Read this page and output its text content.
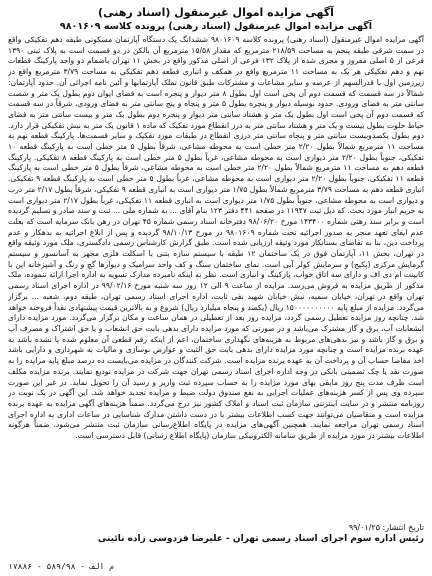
آگهی مزایده اموال غیرمنقول (اسناد رهنی)
آگهی مزایده اموال غیرمنقول (اسناد رهنی) پرونده کلاسه ۹۸۰۱۶۰۹

آگهی مزایده اموال غیرمنقول (اسناد رهنی) پرونده کلاسه ۹۸۰۱۶۰۹ ششدانگ یک دستگاه آپارتمان مسکونی طبقه دهم تفکیکی واقع در سمت شرقی طبقه پنجم به مساحت ۲۱۸/۵۹ مترمربع که مقدار ۱۵/۵۸ مترمربع آن بالکن در دو قسمت است به پلاک ثبتی ۱۳۹۰ فرعی از ۵ اصلی مفروز و مجزی شده از پلاک ۱۳۲ فرعی از اصلی مذکور واقع در بخش ۱۱ تهران باضمام دو واحد پارکینگ قطعات تهم و دهم تفکیکی هر یک به مساحت ۱۱ مترمربع واقع در همکف و انباری قطعه دهم تفکیکی به مساحت ۳/۷۹ مترمربع واقع در زیرزمین اول با قدرالسهم از عرصه و سایر مشاعات و مشترکات طبق قانون تملک آپارتمانها و آئین نامه اجرائی آن. حدود آپارتمان: شمالاً در سه قسمت که قسمت دوم آن پخی است اول بطول ۸ متر دیوار و پنجره است به فضای ایوان دوم بطول یک متر و شصت سانتی متر به فضای ورودی. حدود بوسیله دیوار و پنجره بطول ۵ متر و پنجاه و پنج سانتی متر به فضای ورودی، شرقاً در سه قسمت که قسمت دوم آن پخی است اول بطول یک متر و هشتاد سانتی متر دیوار و پنجره دوم بطول یک متر و بیست سانتی متر به فضای حیاط خلوت بطول بیست و یک متر و هشتاد سانتی متر به درز انقطاع مورد تفکیک که ماده ۱ قانون یک متر به نبش تفکیکی قرار دارد. دوم بطول یکصدوبیست سانتی متر و پنجاه سانتی متر درزی انقطاع در طبقات مورد تفکیک و سایر قسمت‌ها. پارکینگ قطعه نهم به مساحت ۱۱ مترمربع شمالاً بطول ۲/۲۰ متر خطی است به محوطه مشاعی، شرقاً بطول ۵ متر خطی است به پارکینگ قطعه ۱۰ تفکیکی، جنوباً بطول ۲/۲۰ متر دیواری است به محوطه مشاعی، غرباً بطول ۵ متر خطی است به پارکینگ قطعه ۸ تفکیکی. پارکینگ قطعه دهم به مساحت ۱۱ مترمربع شمالاً بطول ۲/۲۰ متر خطی است به محوطه مشاعی، شرقاً بطول ۵ متر خطی است به پارکینگ قطعه ۱۱ تفکیکی، جنوباً بطول ۲/۲۰ متر دیواری است به محوطه مشاعی، غرباً بطول ۵ متر خطی است به پارکینگ قطعه ۹ تفکیکی. انباری قطعه دهم به مساحت ۳/۷۹ مترمربع شمالاً بطول ۱/۷۵ متر دیواری است به انباری قطعه ۹ تفکیکی، شرقاً بطول ۲/۱۷ متر درب و دیواری است به محوطه مشاعی، جنوباً بطول ۱/۷۵ متر دیواری است به انباری قطعه ۱۱ تفکیکی، غرباً بطول ۲/۱۷ متر دیواری است به حریم انبار مورد بحث. که ذیل ثبت ۱۱۹۴۷ در صفحه ۴۴۱ دفتر ۱۲۳ بنام آقای ... به شماره ملی ... ثبت و سند صادر و تسلیم گردیده است و برابر سند رهنی شماره ۱۴۳۴۰۰ مورخ ۹۸/۰۶/۲۰ دفترخانه اسناد رسمی شماره ۴۵ تهران در رهن بانک سرمایه است که بعلت عدم ایفای تعهد منجر به صدور اجرائیه تحت شماره ۹۸۰۱۶۰۹ در مورخ ۹۸/۱۰/۱۳ گردیده و پس از ابلاغ اجرائیه به بدهکار و عدم پرداخت دین، بنا به تقاضای بستانکار مورد وثیقه ارزیابی شده است. طبق گزارش کارشناس رسمی دادگستری، ملک مورد وثیقه واقع در تهران، بخش ۱۱، آپارتمان فوق در یک ساختمان ۱۲ طبقه با سیستم سازه بتنی با اسکلت فلزی مجهز به آسانسور و سیستم گرمایش مرکزی (پکیج) و سرمایش کولر آبی است. نمای ساختمان سنگ و کف واحد سرامیک و دیوارها گچ و رنگ و آشپزخانه اپن با کابینت ام دی اف و دارای سه اتاق خواب، پارکینگ و انباری است. نظر به اینکه نامبرده مدارک تسویه به اداره اجرا ارائه ننموده، ملک مذکور از طریق مزایده به فروش می‌رسد. مزایده از ساعت ۹ الی ۱۲ روز سه شنبه مورخ ۹۹/۰۲/۱۶ در اداره اجرای اسناد رسمی تهران واقع در تهران، خیابان سمیه، نبش خیابان شهید نقی ثابت، اداره اجرای اسناد رسمی تهران، طبقه دوم، شعبه ... برگزار می‌گردد. مزایده از مبلغ پایه ۱۵۰۰۰۰۰۰۰۰۰۰ ریال (یکصد و پنجاه میلیارد ریال) شروع و به بالاترین قیمت پیشنهادی نقداً فروخته خواهد شد. چنانچه روز مزایده تعطیل رسمی گردد، مزایده روز بعد از تعطیلی در همان ساعت و مکان برگزار می‌گردد. مورد مزایده دارای انشعابات آب، برق و گاز مشترک می‌باشد و در صورتی که مورد مزایده دارای بدهی بابت حق انشعاب و یا حق اشتراک و مصرف آب و برق و گاز باشد و نیز بدهی‌های مربوط به هزینه‌های نگهداری ساختمان، اعم از اینکه رقم قطعی آن معلوم شده یا نشده باشد به عهده برنده مزایده است و چنانچه مورد مزایده دارای بدهی بابت حق الثبت و عوارض نوسازی و مالیات به شهرداری و دارایی باشد اخذ مفاصا حساب آن و پرداخت آن به عهده برنده مزایده است. شرکت کنندگان در مزایده می‌بایست ده درصد مبلغ پایه مزایده را به صورت نقد یا چک تضمینی بانکی در وجه اداره اجرای اسناد رسمی تهران جهت شرکت در مزایده تودیع نمایند. برنده مزایده مکلف است ظرف مدت پنج روز مابقی بهای مورد مزایده را به حساب سپرده ثبت واریز و رسید آن را تحویل نماید. در غیر این صورت سپرده وی پس از کسر هزینه‌های عملیات اجرایی به نفع صندوق دولت ضبط و مزایده تجدید خواهد شد. این آگهی در یک نوبت در روزنامه منتشر و در سایت اینترنتی سازمان ثبت اسناد و املاک کشور نیز درج می‌گردد. ضمناً هزینه‌های آگهی مزایده به عهده برنده مزایده است و متقاضیان می‌توانند جهت کسب اطلاعات بیشتر با در دست داشتن مدارک شناسایی در ساعات اداری به اداره اجرای اسناد رسمی تهران مراجعه نمایند. همچنین آگهی‌های مزایده در پایگاه اطلاع‌رسانی سازمان ثبت منتشر می‌شود. ضمناً هرگونه اطلاعات بیشتر در مورد مزایده از طریق سامانه الکترونیکی سازمان (پایگاه اطلاع رسانی) قابل دسترسی است.

تاریخ انتشار: ۹۹/۰۱/۲۵
رئیس اداره سوم اجرای اسناد رسمی تهران - علیرضا فردوسی زاده نائینی
م الف - ۵۸۹/۹۸ - ۱۷۸۸۶
